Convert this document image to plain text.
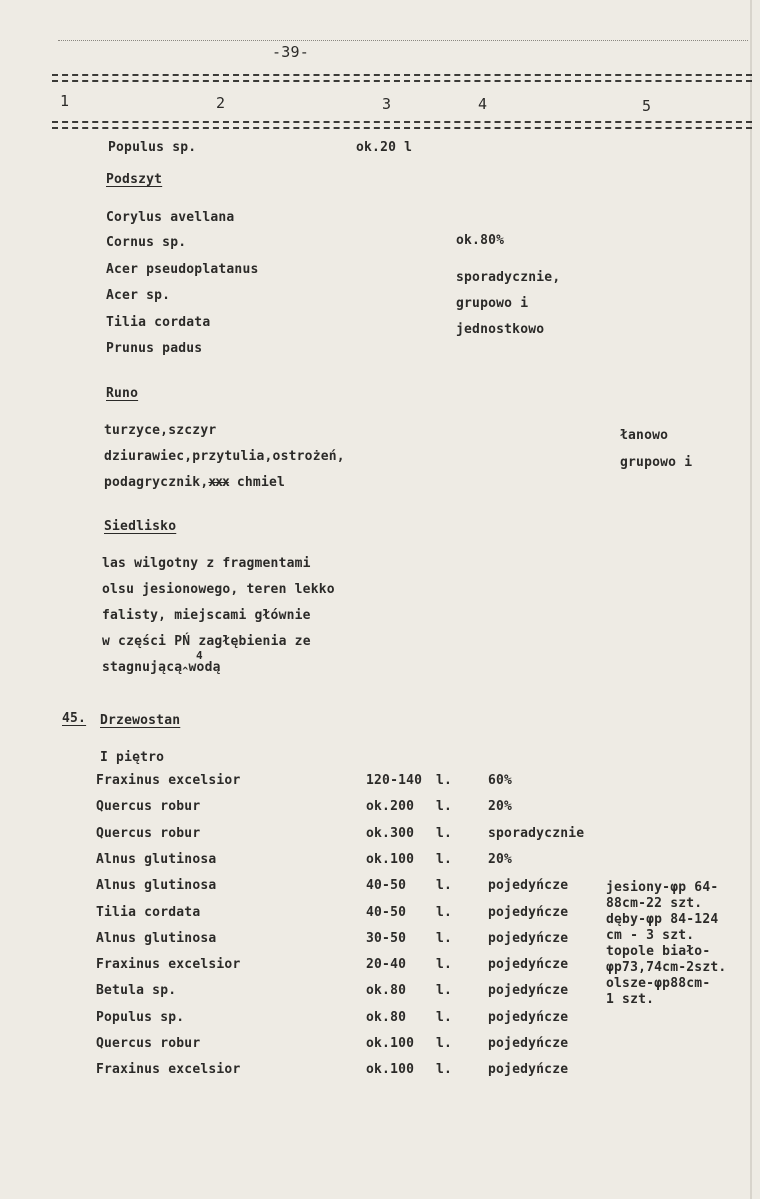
-39-
1	2	3	4	5
Populus sp.	ok.20 l
Podszyt
Corylus avellana
Cornus sp.
Acer pseudoplatanus
Acer sp.
Tilia cordata
Prunus padus
ok.80%
sporadycznie,
grupowo i
jednostkowo
Runo
turzyce,szczyr
dziurawiec,przytulia,ostrożeń,
podagrycznik,xxx chmiel
łanowo
grupowo i
Siedlisko
las wilgotny z fragmentami
olsu jesionowego, teren lekko
falisty, miejscami głównie
w części PŃ zagłębienia ze
4
stagnującą$_{\^{}}$wodą
45. Drzewostan
I piętro
Fraxinus excelsior	120-140 l.	60%
Quercus robur	ok.200 l.	20%
Quercus robur	ok.300 l.	sporadycznie
Alnus glutinosa	ok.100 l.	20%
Alnus glutinosa	40-50 l.	pojedyńcze
Tilia cordata	40-50 l.	pojedyńcze
Alnus glutinosa	30-50 l.	pojedyńcze
Fraxinus excelsior	20-40 l.	pojedyńcze
Betula sp.	ok.80 l.	pojedyńcze
Populus sp.	ok.80 l.	pojedyńcze
Quercus robur	ok.100 l.	pojedyńcze
Fraxinus excelsior	ok.100 l.	pojedyńcze
jesiony-φp 64-
88cm-22 szt.
dęby-φp 84-124
cm - 3 szt.
topole biało-
φp73,74cm-2szt.
olsze-φp88cm-
1 szt.
